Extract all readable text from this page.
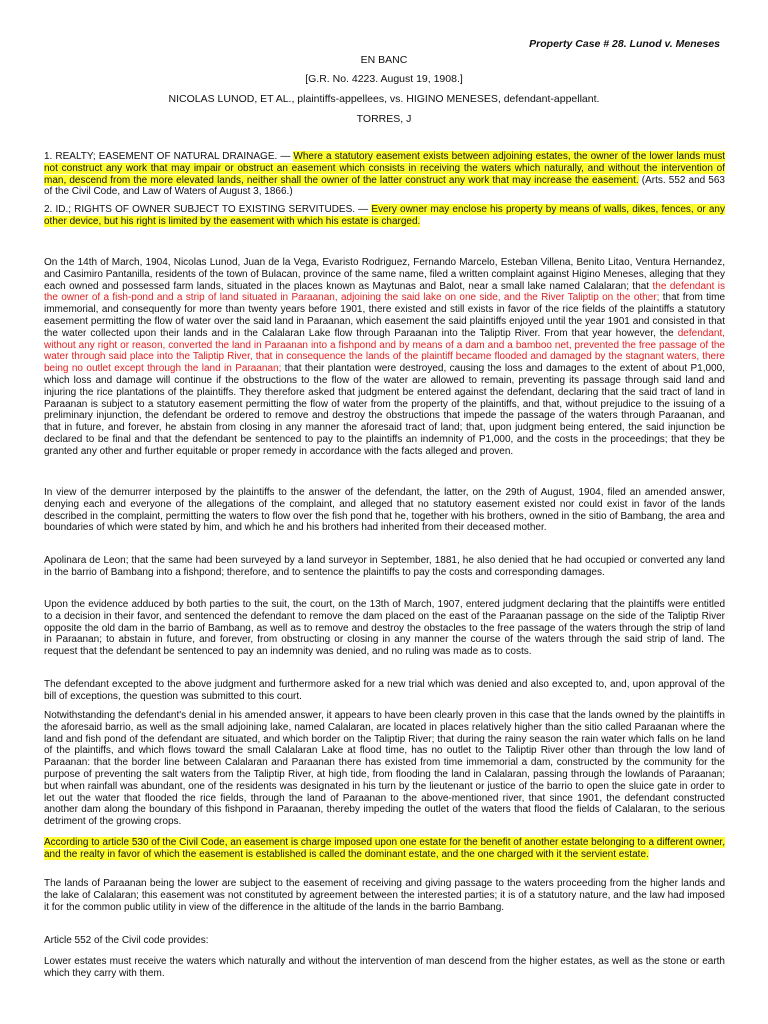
Property Case # 28. Lunod v. Meneses

EN BANC

[G.R. No. 4223. August 19, 1908.]

NICOLAS LUNOD, ET AL., plaintiffs-appellees, vs. HIGINO MENESES, defendant-appellant.

TORRES, J

1. REALTY; EASEMENT OF NATURAL DRAINAGE. — Where a statutory easement exists between adjoining estates, the owner of the lower lands must not construct any work that may impair or obstruct an easement which consists in receiving the waters which naturally, and without the intervention of man, descend from the more elevated lands, neither shall the owner of the latter construct any work that may increase the easement. (Arts. 552 and 563 of the Civil Code, and Law of Waters of August 3, 1866.)

2. ID.; RIGHTS OF OWNER SUBJECT TO EXISTING SERVITUDES. — Every owner may enclose his property by means of walls, dikes, fences, or any other device, but his right is limited by the easement with which his estate is charged.

On the 14th of March, 1904, Nicolas Lunod, Juan de la Vega, Evaristo Rodriguez, Fernando Marcelo, Esteban Villena, Benito Litao, Ventura Hernandez, and Casimiro Pantanilla, residents of the town of Bulacan, province of the same name, filed a written complaint against Higino Meneses, alleging that they each owned and possessed farm lands, situated in the places known as Maytunas and Balot, near a small lake named Calalaran; that the defendant is the owner of a fish-pond and a strip of land situated in Paraanan, adjoining the said lake on one side, and the River Taliptip on the other; that from time immemorial, and consequently for more than twenty years before 1901, there existed and still exists in favor of the rice fields of the plaintiffs a statutory easement permitting the flow of water over the said land in Paraanan, which easement the said plaintiffs enjoyed until the year 1901 and consisted in that the water collected upon their lands and in the Calalaran Lake flow through Paraanan into the Taliptip River. From that year however, the defendant, without any right or reason, converted the land in Paraanan into a fishpond and by means of a dam and a bamboo net, prevented the free passage of the water through said place into the Taliptip River, that in consequence the lands of the plaintiff became flooded and damaged by the stagnant waters, there being no outlet except through the land in Paraanan; that their plantation were destroyed, causing the loss and damages to the extent of about P1,000, which loss and damage will continue if the obstructions to the flow of the water are allowed to remain, preventing its passage through said land and injuring the rice plantations of the plaintiffs. They therefore asked that judgment be entered against the defendant, declaring that the said tract of land in Paraanan is subject to a statutory easement permitting the flow of water from the property of the plaintiffs, and that, without prejudice to the issuing of a preliminary injunction, the defendant be ordered to remove and destroy the obstructions that impede the passage of the waters through Paraanan, and that in future, and forever, he abstain from closing in any manner the aforesaid tract of land; that, upon judgment being entered, the said injunction be declared to be final and that the defendant be sentenced to pay to the plaintiffs an indemnity of P1,000, and the costs in the proceedings; that they be granted any other and further equitable or proper remedy in accordance with the facts alleged and proven.

In view of the demurrer interposed by the plaintiffs to the answer of the defendant, the latter, on the 29th of August, 1904, filed an amended answer, denying each and everyone of the allegations of the complaint, and alleged that no statutory easement existed nor could exist in favor of the lands described in the complaint, permitting the waters to flow over the fish pond that he, together with his brothers, owned in the sitio of Bambang, the area and boundaries of which were stated by him, and which he and his brothers had inherited from their deceased mother.

Apolinara de Leon; that the same had been surveyed by a land surveyor in September, 1881, he also denied that he had occupied or converted any land in the barrio of Bambang into a fishpond; therefore, and to sentence the plaintiffs to pay the costs and corresponding damages.

Upon the evidence adduced by both parties to the suit, the court, on the 13th of March, 1907, entered judgment declaring that the plaintiffs were entitled to a decision in their favor, and sentenced the defendant to remove the dam placed on the east of the Paraanan passage on the side of the Taliptip River opposite the old dam in the barrio of Bambang, as well as to remove and destroy the obstacles to the free passage of the waters through the strip of land in Paraanan; to abstain in future, and forever, from obstructing or closing in any manner the course of the waters through the said strip of land. The request that the defendant be sentenced to pay an indemnity was denied, and no ruling was made as to costs.

The defendant excepted to the above judgment and furthermore asked for a new trial which was denied and also excepted to, and, upon approval of the bill of exceptions, the question was submitted to this court.

Notwithstanding the defendant's denial in his amended answer, it appears to have been clearly proven in this case that the lands owned by the plaintiffs in the aforesaid barrio, as well as the small adjoining lake, named Calalaran, are located in places relatively higher than the sitio called Paraanan where the land and fish pond of the defendant are situated, and which border on the Taliptip River; that during the rainy season the rain water which falls on he land of the plaintiffs, and which flows toward the small Calalaran Lake at flood time, has no outlet to the Taliptip River other than through the low land of Paraanan: that the border line between Calalaran and Paraanan there has existed from time immemorial a dam, constructed by the community for the purpose of preventing the salt waters from the Taliptip River, at high tide, from flooding the land in Calalaran, passing through the lowlands of Paraanan; but when rainfall was abundant, one of the residents was designated in his turn by the lieutenant or justice of the barrio to open the sluice gate in order to let out the water that flooded the rice fields, through the land of Paraanan to the above-mentioned river, that since 1901, the defendant constructed another dam along the boundary of this fishpond in Paraanan, thereby impeding the outlet of the waters that flood the fields of Calalaran, to the serious detriment of the growing crops.

According to article 530 of the Civil Code, an easement is charge imposed upon one estate for the benefit of another estate belonging to a different owner, and the realty in favor of which the easement is established is called the dominant estate, and the one charged with it the servient estate.

The lands of Paraanan being the lower are subject to the easement of receiving and giving passage to the waters proceeding from the higher lands and the lake of Calalaran; this easement was not constituted by agreement between the interested parties; it is of a statutory nature, and the law had imposed it for the common public utility in view of the difference in the altitude of the lands in the barrio Bambang.

Article 552 of the Civil code provides:

Lower estates must receive the waters which naturally and without the intervention of man descend from the higher estates, as well as the stone or earth which they carry with them.
